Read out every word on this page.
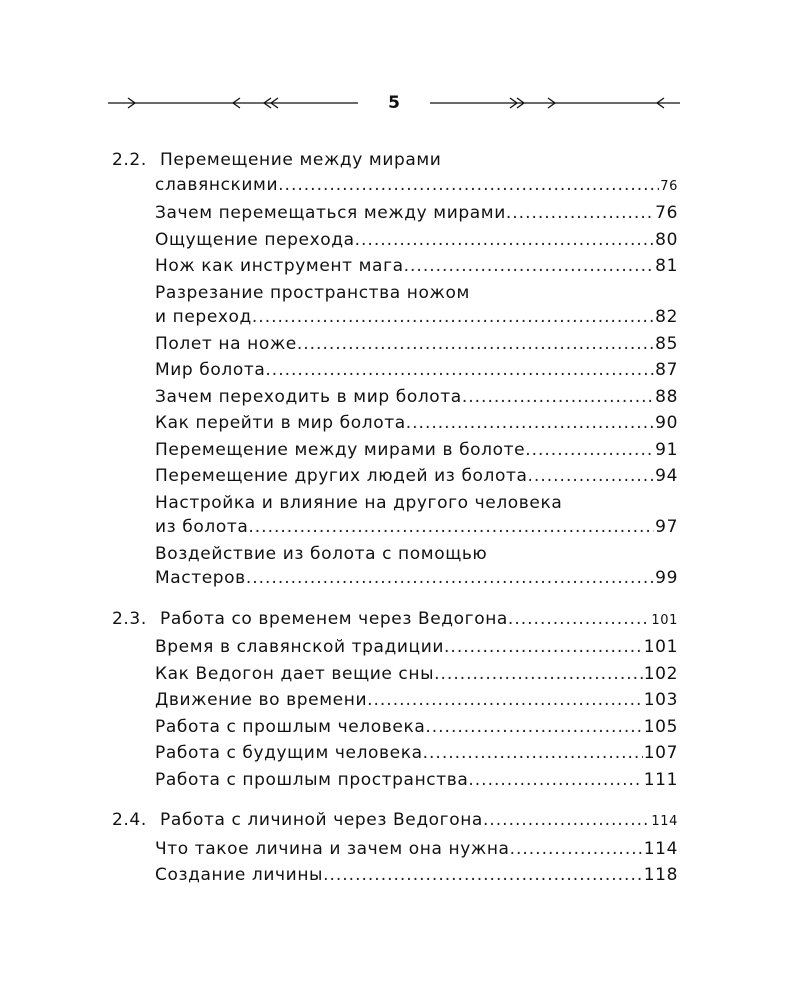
5
2.2. Перемещение между мирами
славянскими .....	76
Зачем перемещаться между мирами .....	76
Ощущение перехода .....	80
Нож как инструмент мага .....	81
Разрезание пространства ножом
и переход .....	82
Полет на ноже .....	85
Мир болота .....	87
Зачем переходить в мир болота .....	88
Как перейти в мир болота .....	90
Перемещение между мирами в болоте .....	91
Перемещение других людей из болота .....	94
Настройка и влияние на другого человека
из болота .....	97
Воздействие из болота с помощью
Мастеров .....	99
2.3. Работа со временем через Ведогона .....	101
Время в славянской традиции .....	101
Как Ведогон дает вещие сны .....	102
Движение во времени .....	103
Работа с прошлым человека .....	105
Работа с будущим человека .....	107
Работа с прошлым пространства .....	111
2.4. Работа с личиной через Ведогона .....	114
Что такое личина и зачем она нужна .....	114
Создание личины .....	118
